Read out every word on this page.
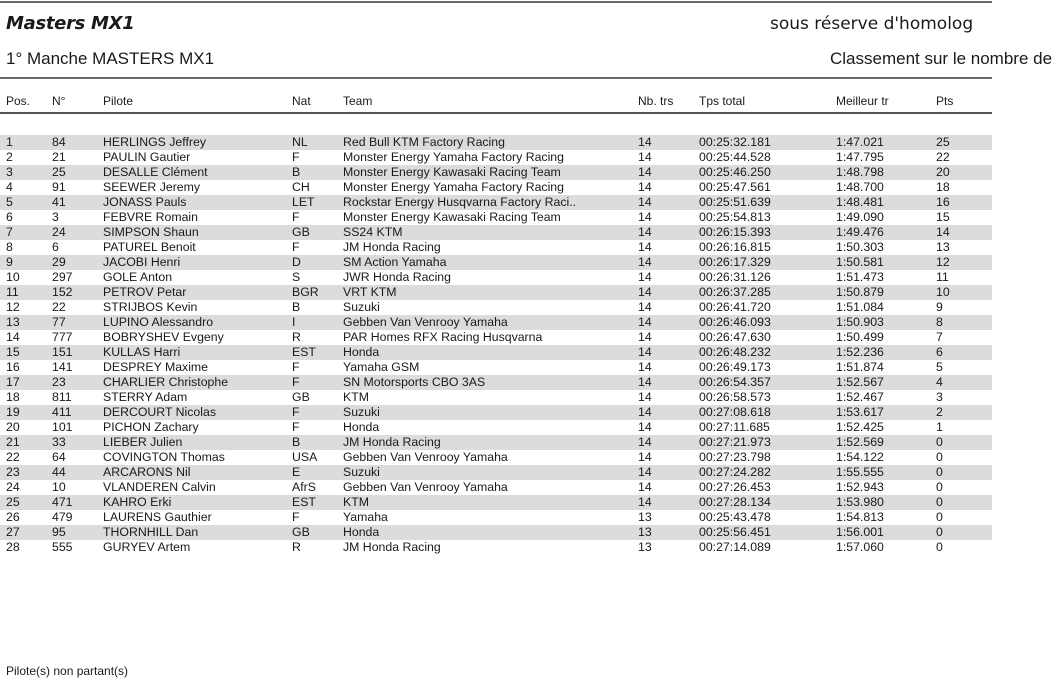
Masters MX1	sous réserve d'homolog
1° Manche MASTERS MX1	Classement sur le nombre de
Pos. N°	Pilote	Nat	Team	Nb. trs Tps total	Meilleur tr	Pts
1	84	HERLINGS Jeffrey	NL	Red Bull KTM Factory Racing	14	00:25:32.181	1:47.021	25
2	21	PAULIN Gautier	F	Monster Energy Yamaha Factory Racing	14	00:25:44.528	1:47.795	22
3	25	DESALLE Clément	B	Monster Energy Kawasaki Racing Team	14	00:25:46.250	1:48.798	20
4	91	SEEWER Jeremy	CH	Monster Energy Yamaha Factory Racing	14	00:25:47.561	1:48.700	18
5	41	JONASS Pauls	LET Rockstar Energy Husqvarna Factory Raci..	14	00:25:51.639	1:48.481	16
6	3	FEBVRE Romain	F	Monster Energy Kawasaki Racing Team	14	00:25:54.813	1:49.090	15
7	24	SIMPSON Shaun	GB	SS24 KTM	14	00:26:15.393	1:49.476	14
8	6	PATUREL Benoit	F	JM Honda Racing	14	00:26:16.815	1:50.303	13
9	29	JACOBI Henri	D	SM Action Yamaha	14	00:26:17.329	1:50.581	12
10	297 GOLE Anton	S	JWR Honda Racing	14	00:26:31.126	1:51.473	11
11	152 PETROV Petar	BGR VRT KTM	14	00:26:37.285	1:50.879	10
12	22	STRIJBOS Kevin	B	Suzuki	14	00:26:41.720	1:51.084	9
13	77	LUPINO Alessandro	I	Gebben Van Venrooy Yamaha	14	00:26:46.093	1:50.903	8
14	777 BOBRYSHEV Evgeny	R	PAR Homes RFX Racing Husqvarna	14	00:26:47.630	1:50.499	7
15	151 KULLAS Harri	EST Honda	14	00:26:48.232	1:52.236	6
16	141 DESPREY Maxime	F	Yamaha GSM	14	00:26:49.173	1:51.874	5
17	23	CHARLIER Christophe	F	SN Motorsports CBO 3AS	14	00:26:54.357	1:52.567	4
18	811	STERRY Adam	GB	KTM	14	00:26:58.573	1:52.467	3
19	411	DERCOURT Nicolas	F	Suzuki	14	00:27:08.618	1:53.617	2
20	101 PICHON Zachary	F	Honda	14	00:27:11.685	1:52.425	1
21	33	LIEBER Julien	B	JM Honda Racing	14	00:27:21.973	1:52.569	0
22	64	COVINGTON Thomas	USA Gebben Van Venrooy Yamaha	14	00:27:23.798	1:54.122	0
23	44	ARCARONS Nil	E	Suzuki	14	00:27:24.282	1:55.555	0
24	10	VLANDEREN Calvin	AfrS Gebben Van Venrooy Yamaha	14	00:27:26.453	1:52.943	0
25	471 KAHRO Erki	EST KTM	14	00:27:28.134	1:53.980	0
26	479 LAURENS Gauthier	F	Yamaha	13	00:25:43.478	1:54.813	0
27	95	THORNHILL Dan	GB	Honda	13	00:25:56.451	1:56.001	0
28	555 GURYEV Artem	R	JM Honda Racing	13	00:27:14.089	1:57.060	0
Pilote(s) non partant(s)
